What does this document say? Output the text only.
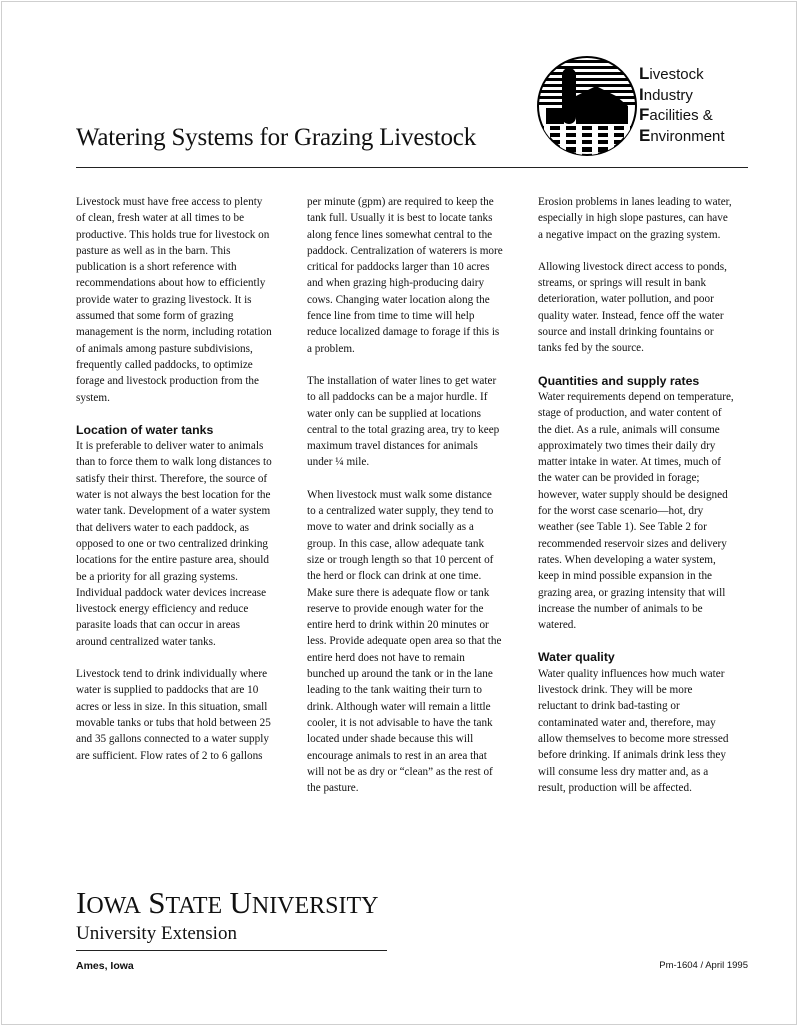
Watering Systems for Grazing Livestock
Livestock
Industry
Facilities &
Environment

Livestock must have free access to plenty of clean, fresh water at all times to be productive. This holds true for livestock on pasture as well as in the barn. This publication is a short reference with recommendations about how to efficiently provide water to grazing livestock. It is assumed that some form of grazing management is the norm, including rotation of animals among pasture subdivisions, frequently called paddocks, to optimize forage and livestock production from the system.

Location of water tanks

It is preferable to deliver water to animals than to force them to walk long distances to satisfy their thirst. Therefore, the source of water is not always the best location for the water tank. Development of a water system that delivers water to each paddock, as opposed to one or two centralized drinking locations for the entire pasture area, should be a priority for all grazing systems. Individual paddock water devices increase livestock energy efficiency and reduce parasite loads that can occur in areas around centralized water tanks.

Livestock tend to drink individually where water is supplied to paddocks that are 10 acres or less in size. In this situation, small movable tanks or tubs that hold between 25 and 35 gallons connected to a water supply are sufficient. Flow rates of 2 to 6 gallons

per minute (gpm) are required to keep the tank full. Usually it is best to locate tanks along fence lines somewhat central to the paddock. Centralization of waterers is more critical for paddocks larger than 10 acres and when grazing high-producing dairy cows. Changing water location along the fence line from time to time will help reduce localized damage to forage if this is a problem.

The installation of water lines to get water to all paddocks can be a major hurdle. If water only can be supplied at locations central to the total grazing area, try to keep maximum travel distances for animals under ¼ mile.

When livestock must walk some distance to a centralized water supply, they tend to move to water and drink socially as a group. In this case, allow adequate tank size or trough length so that 10 percent of the herd or flock can drink at one time. Make sure there is adequate flow or tank reserve to provide enough water for the entire herd to drink within 20 minutes or less. Provide adequate open area so that the entire herd does not have to remain bunched up around the tank or in the lane leading to the tank waiting their turn to drink. Although water will remain a little cooler, it is not advisable to have the tank located under shade because this will encourage animals to rest in an area that will not be as dry or “clean” as the rest of the pasture.

Erosion problems in lanes leading to water, especially in high slope pastures, can have a negative impact on the grazing system.

Allowing livestock direct access to ponds, streams, or springs will result in bank deterioration, water pollution, and poor quality water. Instead, fence off the water source and install drinking fountains or tanks fed by the source.

Quantities and supply rates

Water requirements depend on temperature, stage of production, and water content of the diet. As a rule, animals will consume approximately two times their daily dry matter intake in water. At times, much of the water can be provided in forage; however, water supply should be designed for the worst case scenario—hot, dry weather (see Table 1). See Table 2 for recommended reservoir sizes and delivery rates. When developing a water system, keep in mind possible expansion in the grazing area, or grazing intensity that will increase the number of animals to be watered.

Water quality

Water quality influences how much water livestock drink. They will be more reluctant to drink bad-tasting or contaminated water and, therefore, may allow themselves to become more stressed before drinking. If animals drink less they will consume less dry matter and, as a result, production will be affected.

IOWA STATE UNIVERSITY
University Extension
Ames, Iowa	Pm-1604 / April 1995
